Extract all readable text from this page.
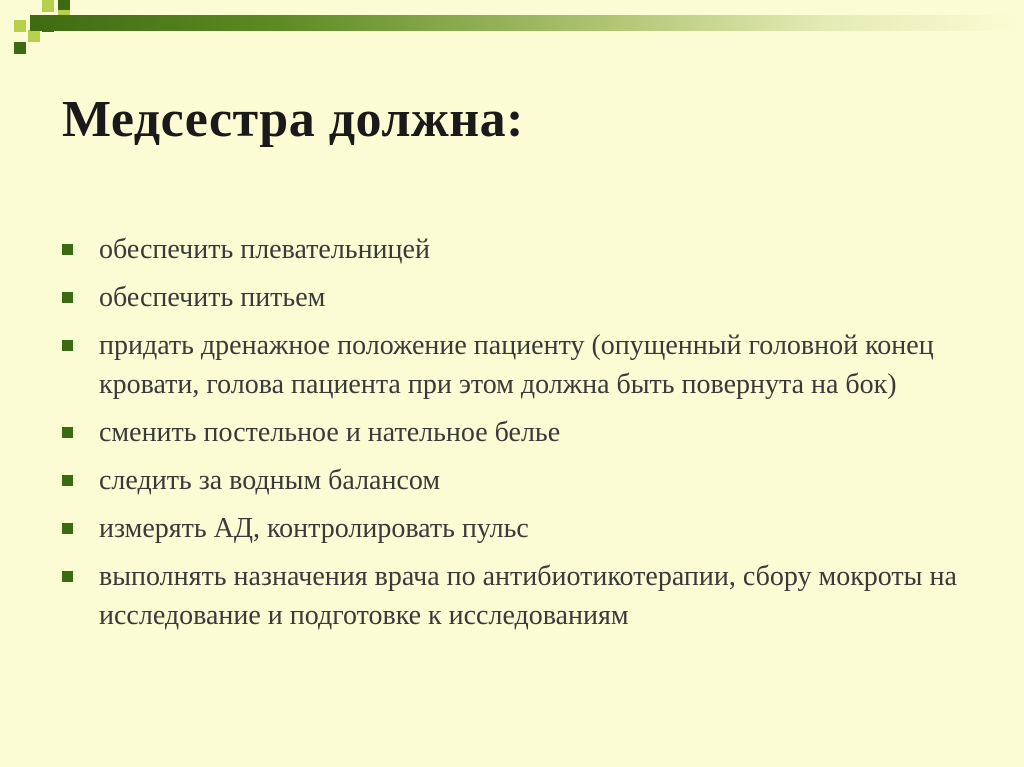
Медсестра должна:
обеспечить плевательницей
обеспечить питьем
придать дренажное положение пациенту (опущенный головной конец кровати, голова пациента при этом должна быть повернута на бок)
сменить постельное и нательное белье
следить за водным балансом
измерять АД, контролировать пульс
выполнять назначения врача по антибиотикотерапии, сбору мокроты на исследование и подготовке к исследованиям
